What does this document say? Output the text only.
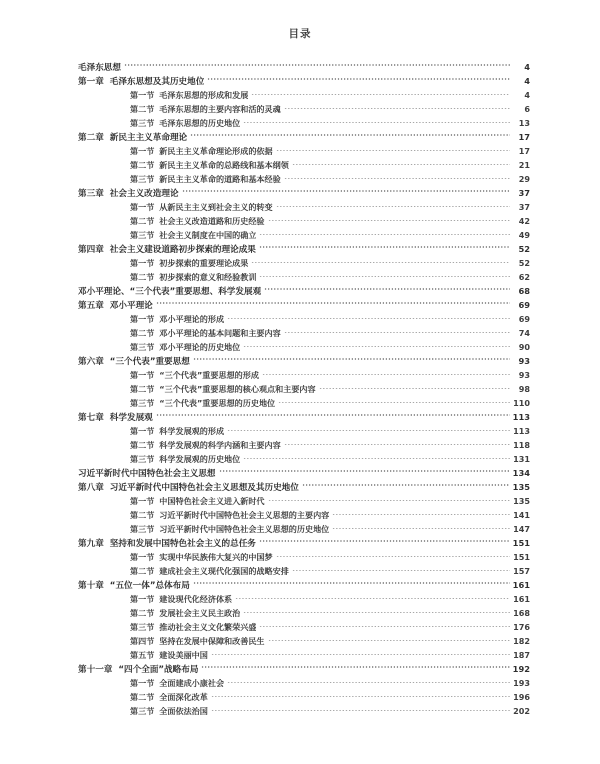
目录
毛泽东思想	4
第一章 毛泽东思想及其历史地位	4
第一节 毛泽东思想的形成和发展	4
第二节 毛泽东思想的主要内容和活的灵魂	6
第三节 毛泽东思想的历史地位	13
第二章 新民主主义革命理论	17
第一节 新民主主义革命理论形成的依据	17
第二节 新民主主义革命的总路线和基本纲领	21
第三节 新民主主义革命的道路和基本经验	29
第三章 社会主义改造理论	37
第一节 从新民主主义到社会主义的转变	37
第二节 社会主义改造道路和历史经验	42
第三节 社会主义制度在中国的确立	49
第四章 社会主义建设道路初步探索的理论成果	52
第一节 初步探索的重要理论成果	52
第二节 初步探索的意义和经验教训	62
邓小平理论、“三个代表”重要思想、科学发展观	68
第五章 邓小平理论	69
第一节 邓小平理论的形成	69
第二节 邓小平理论的基本问题和主要内容	74
第三节 邓小平理论的历史地位	90
第六章 “三个代表”重要思想	93
第一节 “三个代表”重要思想的形成	93
第二节 “三个代表”重要思想的核心观点和主要内容	98
第三节 “三个代表”重要思想的历史地位	110
第七章 科学发展观	113
第一节 科学发展观的形成	113
第二节 科学发展观的科学内涵和主要内容	118
第三节 科学发展观的历史地位	131
习近平新时代中国特色社会主义思想	134
第八章 习近平新时代中国特色社会主义思想及其历史地位	135
第一节 中国特色社会主义进入新时代	135
第二节 习近平新时代中国特色社会主义思想的主要内容	141
第三节 习近平新时代中国特色社会主义思想的历史地位	147
第九章 坚持和发展中国特色社会主义的总任务	151
第一节 实现中华民族伟大复兴的中国梦	151
第二节 建成社会主义现代化强国的战略安排	157
第十章 “五位一体”总体布局	161
第一节 建设现代化经济体系	161
第二节 发展社会主义民主政治	168
第三节 推动社会主义文化繁荣兴盛	176
第四节 坚持在发展中保障和改善民生	182
第五节 建设美丽中国	187
第十一章 “四个全面”战略布局	192
第一节 全面建成小康社会	193
第二节 全面深化改革	196
第三节 全面依法治国	202
